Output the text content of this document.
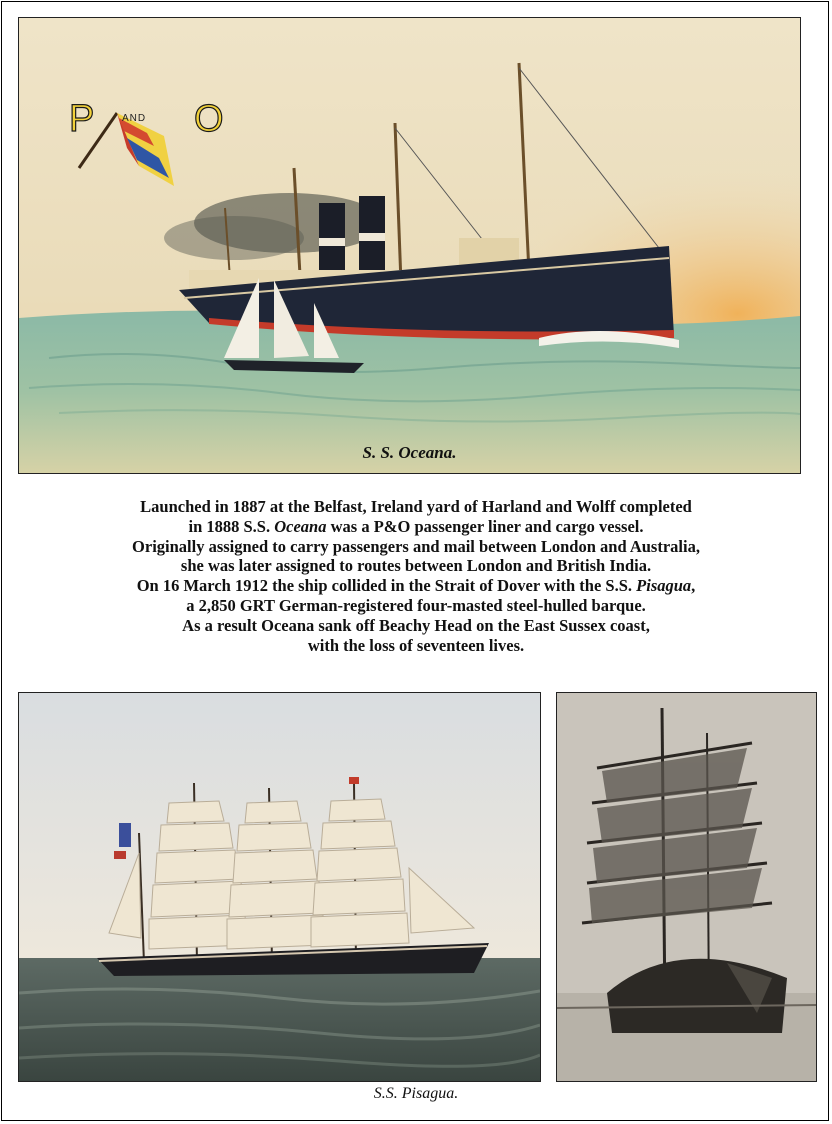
P	AND O
S. S. Oceana.

Launched in 1887 at the Belfast, Ireland yard of Harland and Wolff completed

in 1888 S.S. Oceana was a P&O passenger liner and cargo vessel.

Originally assigned to carry passengers and mail between London and Australia,

she was later assigned to routes between London and British India.

On 16 March 1912 the ship collided in the Strait of Dover with the S.S. Pisagua,

a 2,850 GRT German-registered four-masted steel-hulled barque.

As a result Oceana sank off Beachy Head on the East Sussex coast,

with the loss of seventeen lives.

S.S. Pisagua.
